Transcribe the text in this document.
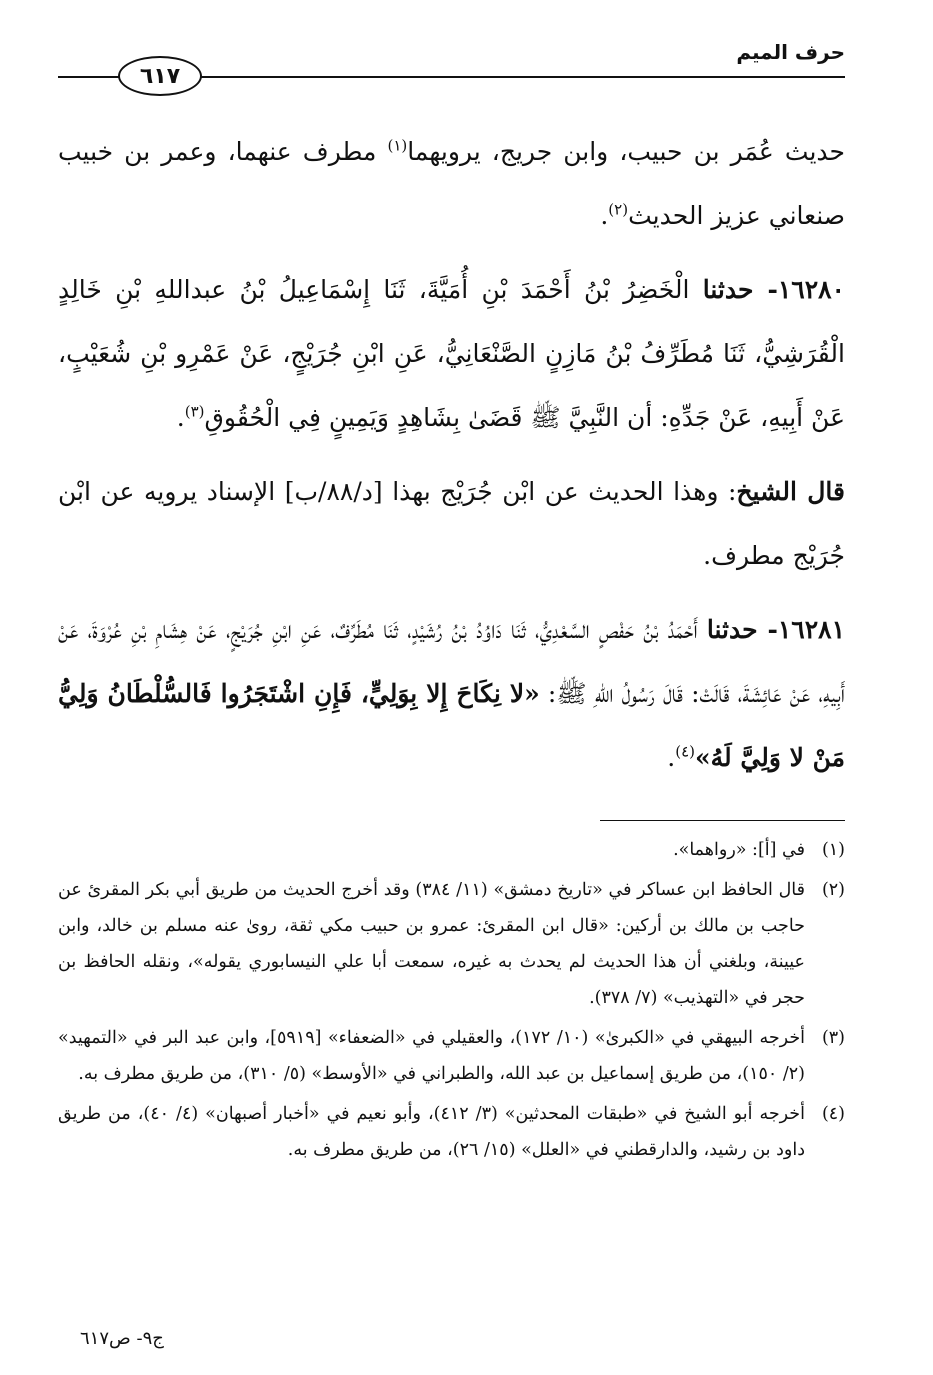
حرف الميم
٦١٧

حديث عُمَر بن حبيب، وابن جريج، يرويهما$^{(١)}$ مطرف عنهما، وعمر بن خبيب صنعاني عزيز الحديث$^{(٢)}$.

١٦٢٨٠- حدثنا الْخَضِرُ بْنُ أَحْمَدَ بْنِ أُمَيَّةَ، ثَنَا إِسْمَاعِيلُ بْنُ عبداللهِ بْنِ خَالِدٍ الْقُرَشِيُّ، ثَنَا مُطَرِّفُ بْنُ مَازِنٍ الصَّنْعَانِيُّ، عَنِ ابْنِ جُرَيْجٍ، عَنْ عَمْرِو بْنِ شُعَيْبٍ، عَنْ أَبِيهِ، عَنْ جَدِّهِ: أن النَّبِيَّ ﷺ قَضَىٰ بِشَاهِدٍ وَيَمِينٍ فِي الْحُقُوقِ$^{(٣)}$.

قال الشيخ: وهذا الحديث عن ابْن جُرَيْج بهذا [د/٨٨/ب] الإسناد يرويه عن ابْن جُرَيْج مطرف.

١٦٢٨١- حدثنا أَحْمَدُ بْنُ حَفْصٍ السَّعْدِيُّ، ثَنَا دَاوُدُ بْنُ رُشَيْدٍ، ثَنَا مُطَرِّفٌ، عَنِ ابْنِ جُرَيْجٍ، عَنْ هِشَامِ بْنِ عُرْوَةَ، عَنْ أَبِيهِ، عَنْ عَائِشَةَ، قَالَتْ: قَالَ رَسُولُ اللهِ ﷺ: «لا نِكَاحَ إِلا بِوَلِيٍّ، فَإِنِ اشْتَجَرُوا فَالسُّلْطَانُ وَلِيُّ مَنْ لا وَلِيَّ لَهُ»$^{(٤)}$.

(١)
في [أ]: «رواهما».
(٢)
قال الحافظ ابن عساكر في «تاريخ دمشق» (١١/ ٣٨٤) وقد أخرج الحديث من طريق أبي بكر المقرئ عن حاجب بن مالك بن أركين: «قال ابن المقرئ: عمرو بن حبيب مكي ثقة، روىٰ عنه مسلم بن خالد، وابن عيينة، وبلغني أن هذا الحديث لم يحدث به غيره، سمعت أبا علي النيسابوري يقوله»، ونقله الحافظ بن حجر في «التهذيب» (٧/ ٣٧٨).
(٣)
أخرجه البيهقي في «الكبرىٰ» (١٠/ ١٧٢)، والعقيلي في «الضعفاء» [٥٩١٩]، وابن عبد البر في «التمهيد» (٢/ ١٥٠)، من طريق إسماعيل بن عبد الله، والطبراني في «الأوسط» (٥/ ٣١٠)، من طريق مطرف به.
(٤)
أخرجه أبو الشيخ في «طبقات المحدثين» (٣/ ٤١٢)، وأبو نعيم في «أخبار أصبهان» (٤/ ٤٠)، من طريق داود بن رشيد، والدارقطني في «العلل» (١٥/ ٢٦)، من طريق مطرف به.
ج٩- ص٦١٧
